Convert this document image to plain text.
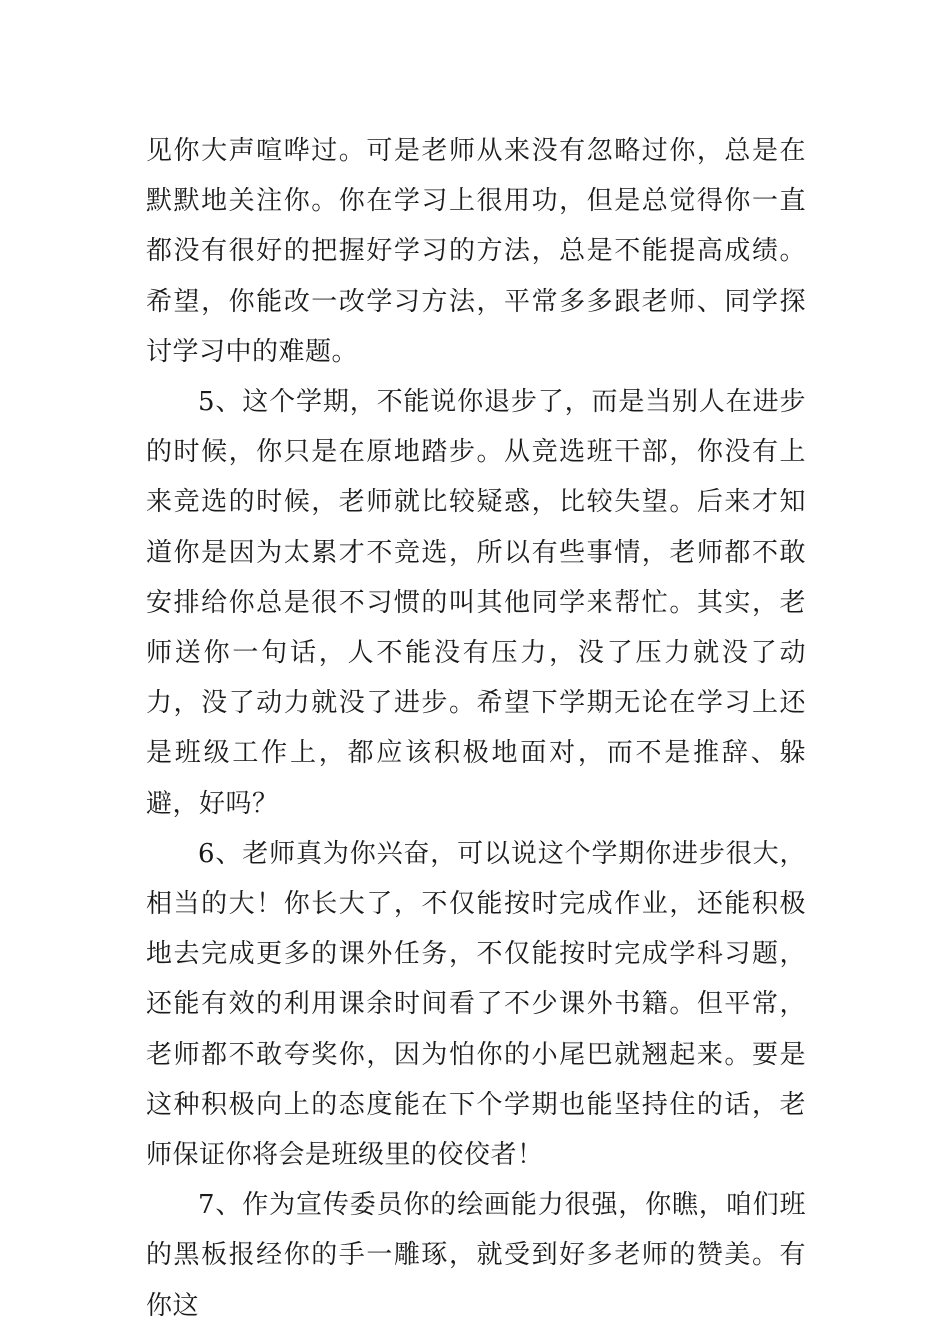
见你大声喧哗过。可是老师从来没有忽略过你，总是在默默地关注你。你在学习上很用功，但是总觉得你一直都没有很好的把握好学习的方法，总是不能提高成绩。希望，你能改一改学习方法，平常多多跟老师、同学探讨学习中的难题。

5、这个学期，不能说你退步了，而是当别人在进步的时候，你只是在原地踏步。从竞选班干部，你没有上来竞选的时候，老师就比较疑惑，比较失望。后来才知道你是因为太累才不竞选，所以有些事情，老师都不敢安排给你总是很不习惯的叫其他同学来帮忙。其实，老师送你一句话，人不能没有压力，没了压力就没了动力，没了动力就没了进步。希望下学期无论在学习上还是班级工作上，都应该积极地面对，而不是推辞、躲避，好吗？

6、老师真为你兴奋，可以说这个学期你进步很大，相当的大！你长大了，不仅能按时完成作业，还能积极地去完成更多的课外任务，不仅能按时完成学科习题，还能有效的利用课余时间看了不少课外书籍。但平常，老师都不敢夸奖你，因为怕你的小尾巴就翘起来。要是这种积极向上的态度能在下个学期也能坚持住的话，老师保证你将会是班级里的佼佼者！

7、作为宣传委员你的绘画能力很强，你瞧，咱们班的黑板报经你的手一雕琢，就受到好多老师的赞美。有你这
